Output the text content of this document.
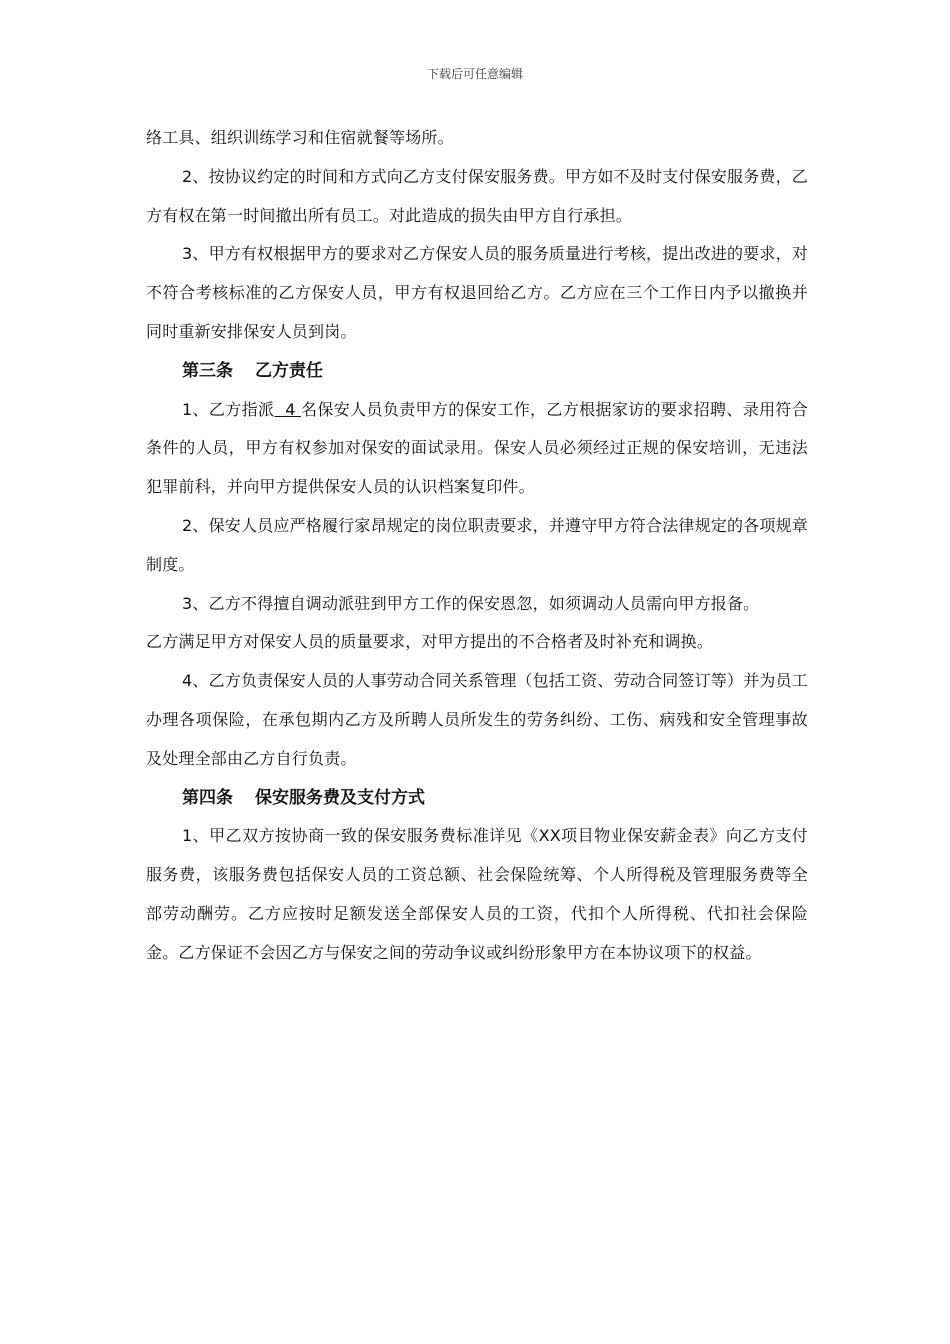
下载后可任意编辑

络工具、组织训练学习和住宿就餐等场所。

2、按协议约定的时间和方式向乙方支付保安服务费。甲方如不及时支付保安服务费，乙方有权在第一时间撤出所有员工。对此造成的损失由甲方自行承担。

3、甲方有权根据甲方的要求对乙方保安人员的服务质量进行考核，提出改进的要求，对不符合考核标准的乙方保安人员，甲方有权退回给乙方。乙方应在三个工作日内予以撤换并同时重新安排保安人员到岗。

第三条 乙方责任

1、乙方指派  4 名保安人员负责甲方的保安工作，乙方根据家访的要求招聘、录用符合条件的人员，甲方有权参加对保安的面试录用。保安人员必须经过正规的保安培训，无违法犯罪前科，并向甲方提供保安人员的认识档案复印件。

2、保安人员应严格履行家昂规定的岗位职责要求，并遵守甲方符合法律规定的各项规章制度。

3、乙方不得擅自调动派驻到甲方工作的保安恩忽，如须调动人员需向甲方报备。

乙方满足甲方对保安人员的质量要求，对甲方提出的不合格者及时补充和调换。

4、乙方负责保安人员的人事劳动合同关系管理（包括工资、劳动合同签订等）并为员工办理各项保险，在承包期内乙方及所聘人员所发生的劳务纠纷、工伤、病残和安全管理事故及处理全部由乙方自行负责。

第四条 保安服务费及支付方式

1、甲乙双方按协商一致的保安服务费标准详见《XX项目物业保安薪金表》向乙方支付服务费，该服务费包括保安人员的工资总额、社会保险统筹、个人所得税及管理服务费等全部劳动酬劳。乙方应按时足额发送全部保安人员的工资，代扣个人所得税、代扣社会保险金。乙方保证不会因乙方与保安之间的劳动争议或纠纷形象甲方在本协议项下的权益。
